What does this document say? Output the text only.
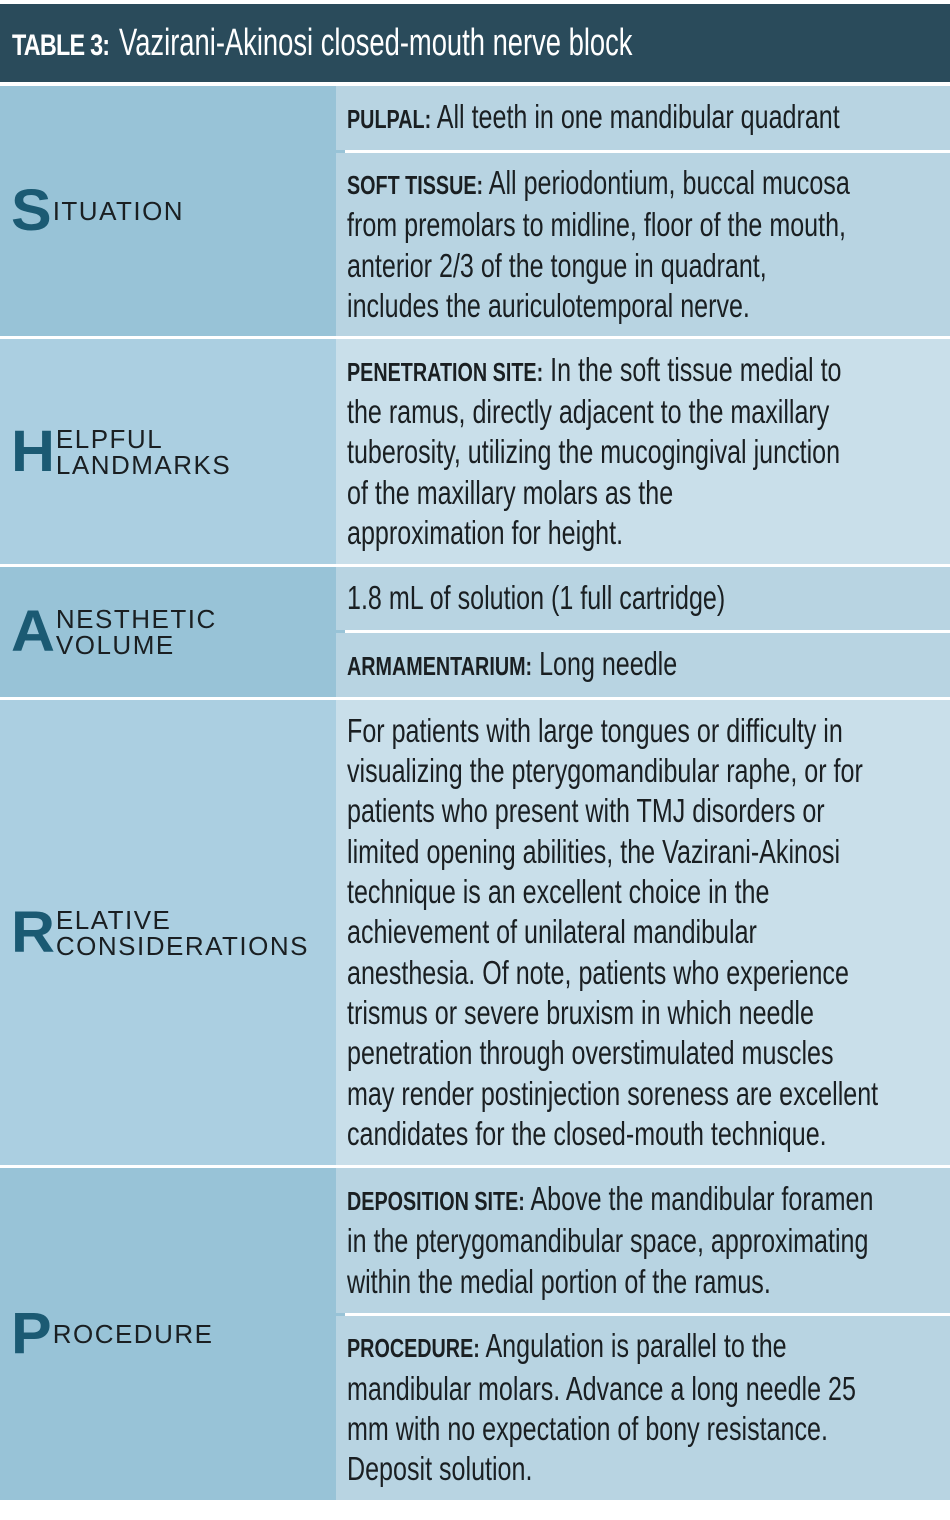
TABLE 3: Vazirani-Akinosi closed-mouth nerve block
S ITUATION
PULPAL: All teeth in one mandibular quadrant
SOFT TISSUE: All periodontium, buccal mucosa
from premolars to midline, floor of the mouth,
anterior 2/3 of the tongue in quadrant,
includes the auriculotemporal nerve.
H ELPFUL
LANDMARKS
PENETRATION SITE: In the soft tissue medial to
the ramus, directly adjacent to the maxillary
tuberosity, utilizing the mucogingival junction
of the maxillary molars as the
approximation for height.
A NESTHETIC
VOLUME
1.8 mL of solution (1 full cartridge)
ARMAMENTARIUM: Long needle
R ELATIVE
CONSIDERATIONS
For patients with large tongues or difficulty in
visualizing the pterygomandibular raphe, or for
patients who present with TMJ disorders or
limited opening abilities, the Vazirani-Akinosi
technique is an excellent choice in the
achievement of unilateral mandibular
anesthesia. Of note, patients who experience
trismus or severe bruxism in which needle
penetration through overstimulated muscles
may render postinjection soreness are excellent
candidates for the closed-mouth technique.
P ROCEDURE
DEPOSITION SITE: Above the mandibular foramen
in the pterygomandibular space, approximating
within the medial portion of the ramus.
PROCEDURE: Angulation is parallel to the
mandibular molars. Advance a long needle 25
mm with no expectation of bony resistance.
Deposit solution.
